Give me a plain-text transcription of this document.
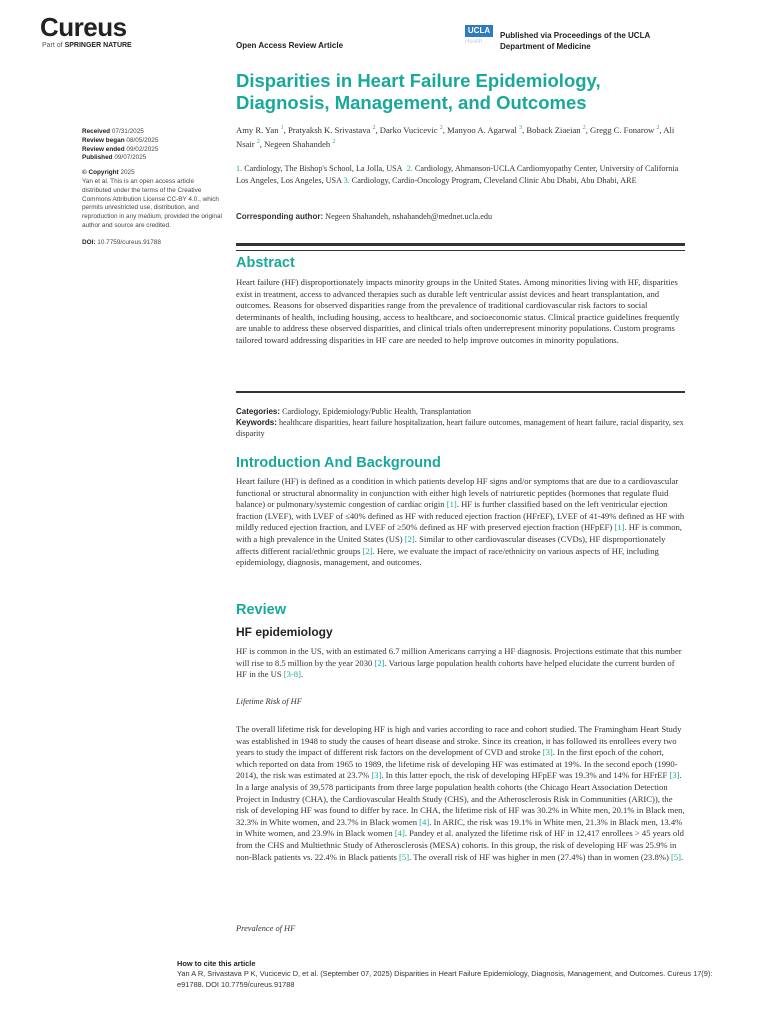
Cureus
Part of SPRINGER NATURE	Open Access Review Article
UCLA
Health
Published via Proceedings of the UCLA
Department of Medicine
Disparities in Heart Failure Epidemiology, Diagnosis, Management, and Outcomes
Amy R. Yan $^1$, Pratyaksh K. Srivastava $^2$, Darko Vucicevic $^2$, Manyoo A. Agarwal $^3$, Boback Ziaeian $^2$, Gregg C. Fonarow $^2$, Ali Nsair $^2$, Negeen Shahandeh $^2$
1. Cardiology, The Bishop's School, La Jolla, USA 2. Cardiology, Ahmanson-UCLA Cardiomyopathy Center, University of California Los Angeles, Los Angeles, USA 3. Cardiology, Cardio-Oncology Program, Cleveland Clinic Abu Dhabi, Abu Dhabi, ARE
Corresponding author: Negeen Shahandeh, nshahandeh@mednet.ucla.edu
Received 07/31/2025
Review began 08/05/2025
Review ended 09/02/2025
Published 09/07/2025
© Copyright 2025
Yan et al. This is an open access article distributed under the terms of the Creative Commons Attribution License CC-BY 4.0., which permits unrestricted use, distribution, and reproduction in any medium, provided the original author and source are credited.
DOI: 10.7759/cureus.91788
Abstract
Heart failure (HF) disproportionately impacts minority groups in the United States. Among minorities living with HF, disparities exist in treatment, access to advanced therapies such as durable left ventricular assist devices and heart transplantation, and outcomes. Reasons for observed disparities range from the prevalence of traditional cardiovascular risk factors to social determinants of health, including housing, access to healthcare, and socioeconomic status. Clinical practice guidelines frequently are unable to address these observed disparities, and clinical trials often underrepresent minority populations. Custom programs tailored toward addressing disparities in HF care are needed to help improve outcomes in minority populations.
Categories: Cardiology, Epidemiology/Public Health, Transplantation
Keywords: healthcare disparities, heart failure hospitalization, heart failure outcomes, management of heart failure, racial disparity, sex disparity
Introduction And Background
Heart failure (HF) is defined as a condition in which patients develop HF signs and/or symptoms that are due to a cardiovascular functional or structural abnormality in conjunction with either high levels of natriuretic peptides (hormones that regulate fluid balance) or pulmonary/systemic congestion of cardiac origin [1]. HF is further classified based on the left ventricular ejection fraction (LVEF), with LVEF of ≤40% defined as HF with reduced ejection fraction (HFrEF), LVEF of 41-49% defined as HF with mildly reduced ejection fraction, and LVEF of ≥50% defined as HF with preserved ejection fraction (HFpEF) [1]. HF is common, with a high prevalence in the United States (US) [2]. Similar to other cardiovascular diseases (CVDs), HF disproportionately affects different racial/ethnic groups [2]. Here, we evaluate the impact of race/ethnicity on various aspects of HF, including epidemiology, diagnosis, management, and outcomes.
Review
HF epidemiology
HF is common in the US, with an estimated 6.7 million Americans carrying a HF diagnosis. Projections estimate that this number will rise to 8.5 million by the year 2030 [2]. Various large population health cohorts have helped elucidate the current burden of HF in the US [3-8].
Lifetime Risk of HF
The overall lifetime risk for developing HF is high and varies according to race and cohort studied. The Framingham Heart Study was established in 1948 to study the causes of heart disease and stroke. Since its creation, it has followed its enrollees every two years to study the impact of different risk factors on the development of CVD and stroke [3]. In the first epoch of the cohort, which reported on data from 1965 to 1989, the lifetime risk of developing HF was estimated at 19%. In the second epoch (1990-2014), the risk was estimated at 23.7% [3]. In this latter epoch, the risk of developing HFpEF was 19.3% and 14% for HFrEF [3]. In a large analysis of 39,578 participants from three large population health cohorts (the Chicago Heart Association Detection Project in Industry (CHA), the Cardiovascular Health Study (CHS), and the Atherosclerosis Risk in Communities (ARIC)), the risk of developing HF was found to differ by race. In CHA, the lifetime risk of HF was 30.2% in White men, 20.1% in Black men, 32.3% in White women, and 23.7% in Black women [4]. In ARIC, the risk was 19.1% in White men, 21.3% in Black men, 13.4% in White women, and 23.9% in Black women [4]. Pandey et al. analyzed the lifetime risk of HF in 12,417 enrollees > 45 years old from the CHS and Multiethnic Study of Atherosclerosis (MESA) cohorts. In this group, the risk of developing HF was 25.9% in non-Black patients vs. 22.4% in Black patients [5]. The overall risk of HF was higher in men (27.4%) than in women (23.8%) [5].
Prevalence of HF
How to cite this article
Yan A R, Srivastava P K, Vucicevic D, et al. (September 07, 2025) Disparities in Heart Failure Epidemiology, Diagnosis, Management, and Outcomes. Cureus 17(9): e91788. DOI 10.7759/cureus.91788
